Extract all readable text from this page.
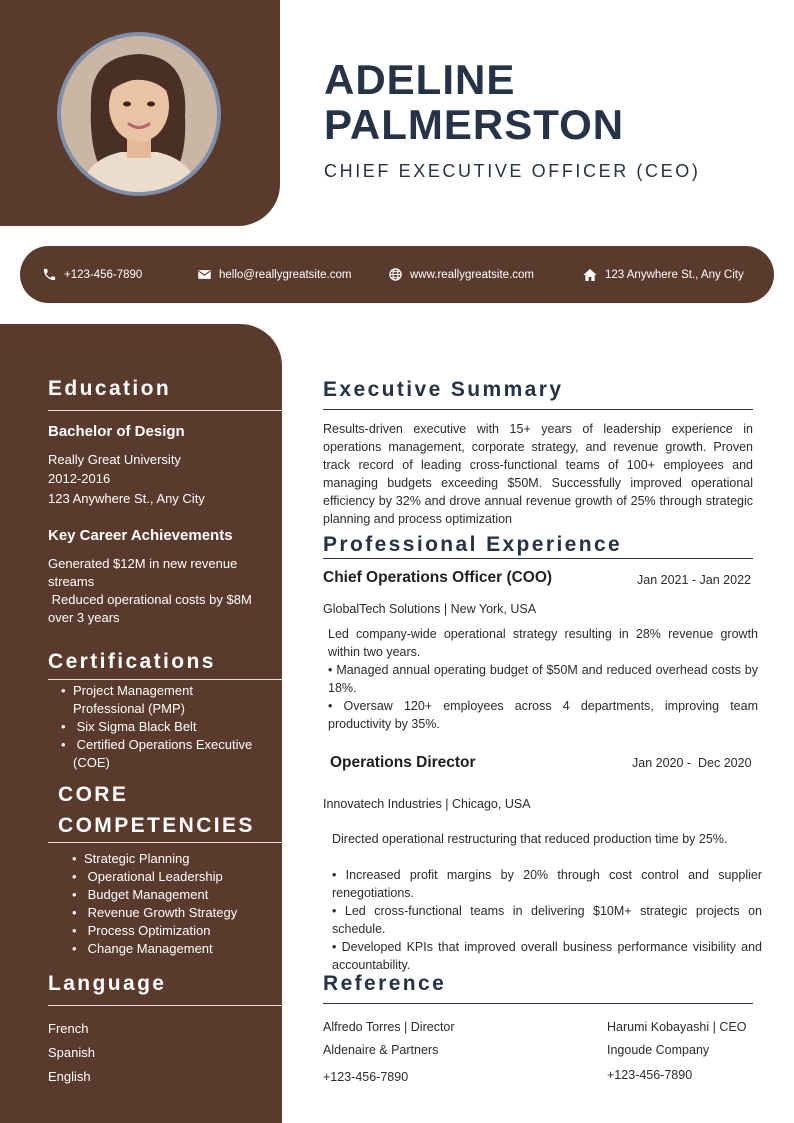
ADELINE
PALMERSTON
CHIEF EXECUTIVE OFFICER (CEO)
+123-456-7890	hello@reallygreatsite.com	www.reallygreatsite.com	123 Anywhere St., Any City
Education
Bachelor of Design
Really Great University
2012-2016
123 Anywhere St., Any City
Key Career Achievements
Generated $12M in new revenue
streams
Reduced operational costs by $8M
over 3 years
Certifications
• Project Management
Professional (PMP)
•  Six Sigma Black Belt
•  Certified Operations Executive
(COE)
CORE
COMPETENCIES
• Strategic Planning
•  Operational Leadership
•  Budget Management
•  Revenue Growth Strategy
•  Process Optimization
•  Change Management
Language
French
Spanish
English
Executive Summary
Results-driven executive with 15+ years of leadership experience in operations management, corporate strategy, and revenue growth. Proven track record of leading cross-functional teams of 100+ employees and managing budgets exceeding $50M. Successfully improved operational efficiency by 32% and drove annual revenue growth of 25% through strategic planning and process optimization
Professional Experience
Chief Operations Officer (COO)	Jan 2021 - Jan 2022
GlobalTech Solutions | New York, USA
Led company-wide operational strategy resulting in 28% revenue growth within two years.
• Managed annual operating budget of $50M and reduced overhead costs by 18%.
• Oversaw 120+ employees across 4 departments, improving team productivity by 35%.
Operations Director	Jan 2020 -  Dec 2020
Innovatech Industries | Chicago, USA
Directed operational restructuring that reduced production time by 25%.
• Increased profit margins by 20% through cost control and supplier renegotiations.
• Led cross-functional teams in delivering $10M+ strategic projects on schedule.
• Developed KPIs that improved overall business performance visibility and accountability.
Reference
Alfredo Torres | Director
Aldenaire & Partners
+123-456-7890
Harumi Kobayashi | CEO
Ingoude Company
+123-456-7890
